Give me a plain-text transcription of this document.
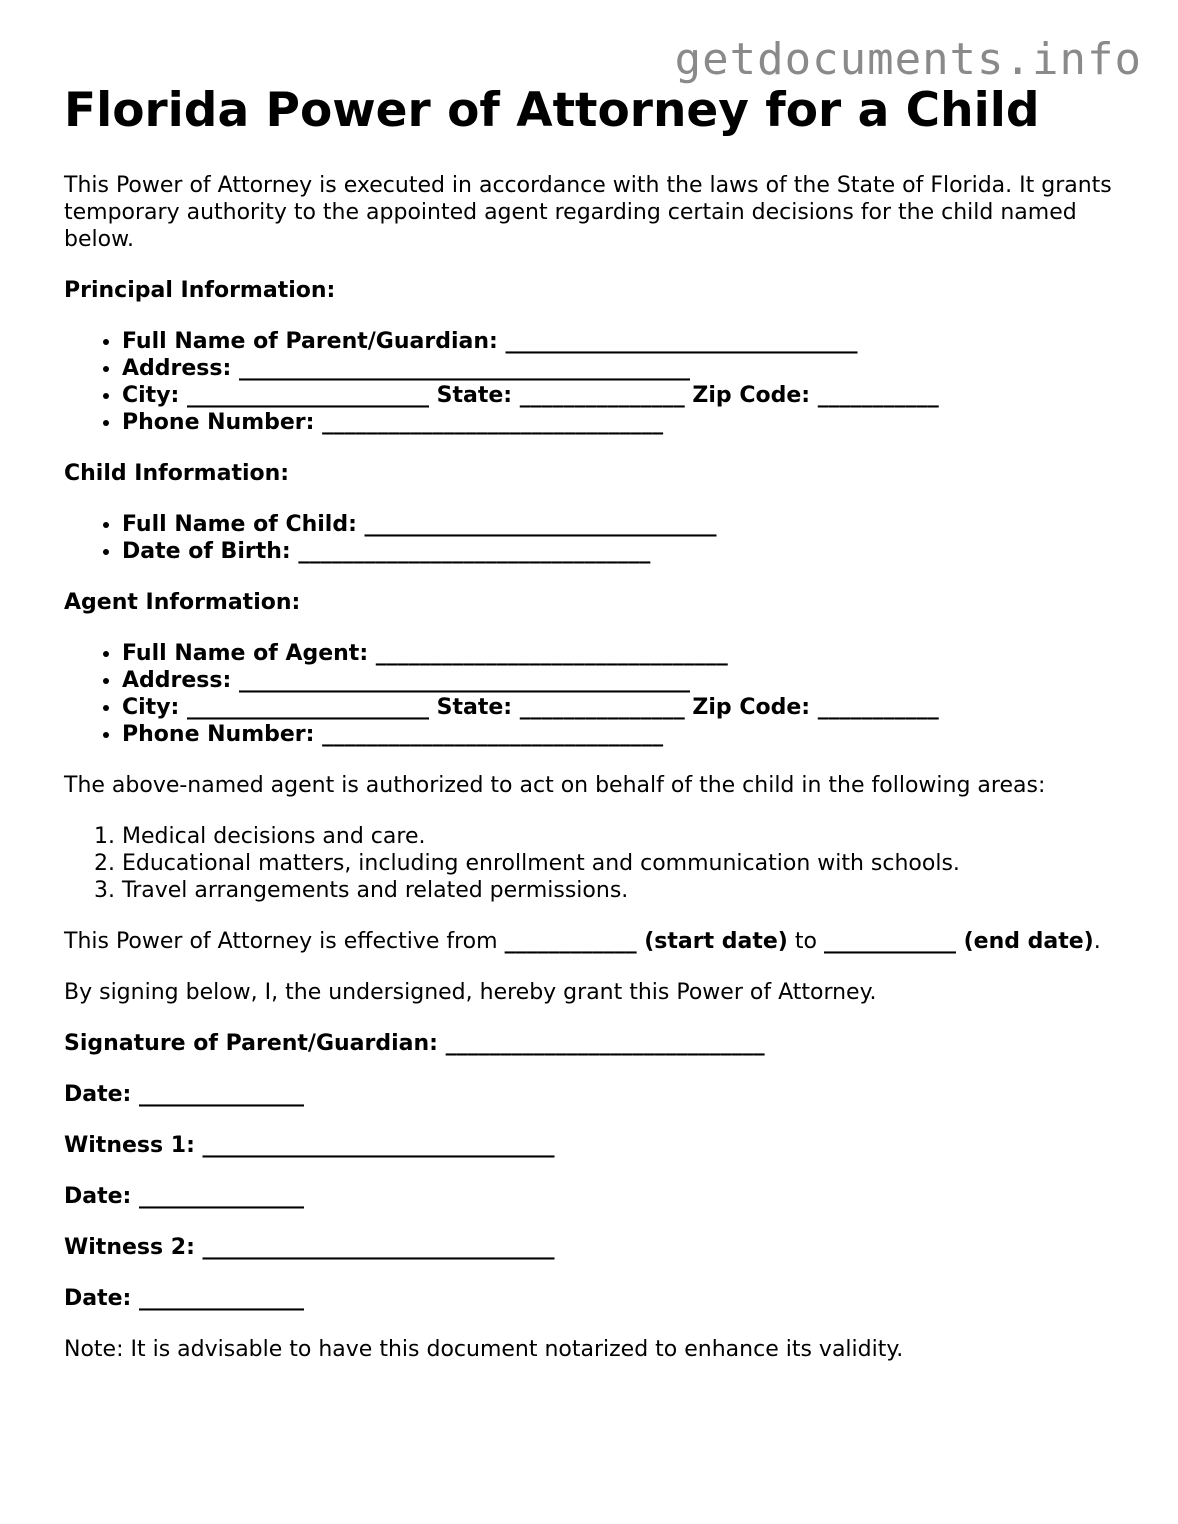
getdocuments.info
Florida Power of Attorney for a Child

This Power of Attorney is executed in accordance with the laws of the State of Florida. It grants temporary authority to the appointed agent regarding certain decisions for the child named below.

Principal Information:

• Full Name of Parent/Guardian: ________________________________
• Address: _________________________________________
• City: ______________________ State: _______________ Zip Code: ___________
• Phone Number: _______________________________

Child Information:

• Full Name of Child: ________________________________
• Date of Birth: ________________________________

Agent Information:

• Full Name of Agent: ________________________________
• Address: _________________________________________
• City: ______________________ State: _______________ Zip Code: ___________
• Phone Number: _______________________________

The above-named agent is authorized to act on behalf of the child in the following areas:

1. Medical decisions and care.
2. Educational matters, including enrollment and communication with schools.
3. Travel arrangements and related permissions.

This Power of Attorney is effective from ____________ (start date) to ____________ (end date).

By signing below, I, the undersigned, hereby grant this Power of Attorney.

Signature of Parent/Guardian: _____________________________

Date: _______________

Witness 1: ________________________________

Date: _______________

Witness 2: ________________________________

Date: _______________

Note: It is advisable to have this document notarized to enhance its validity.
